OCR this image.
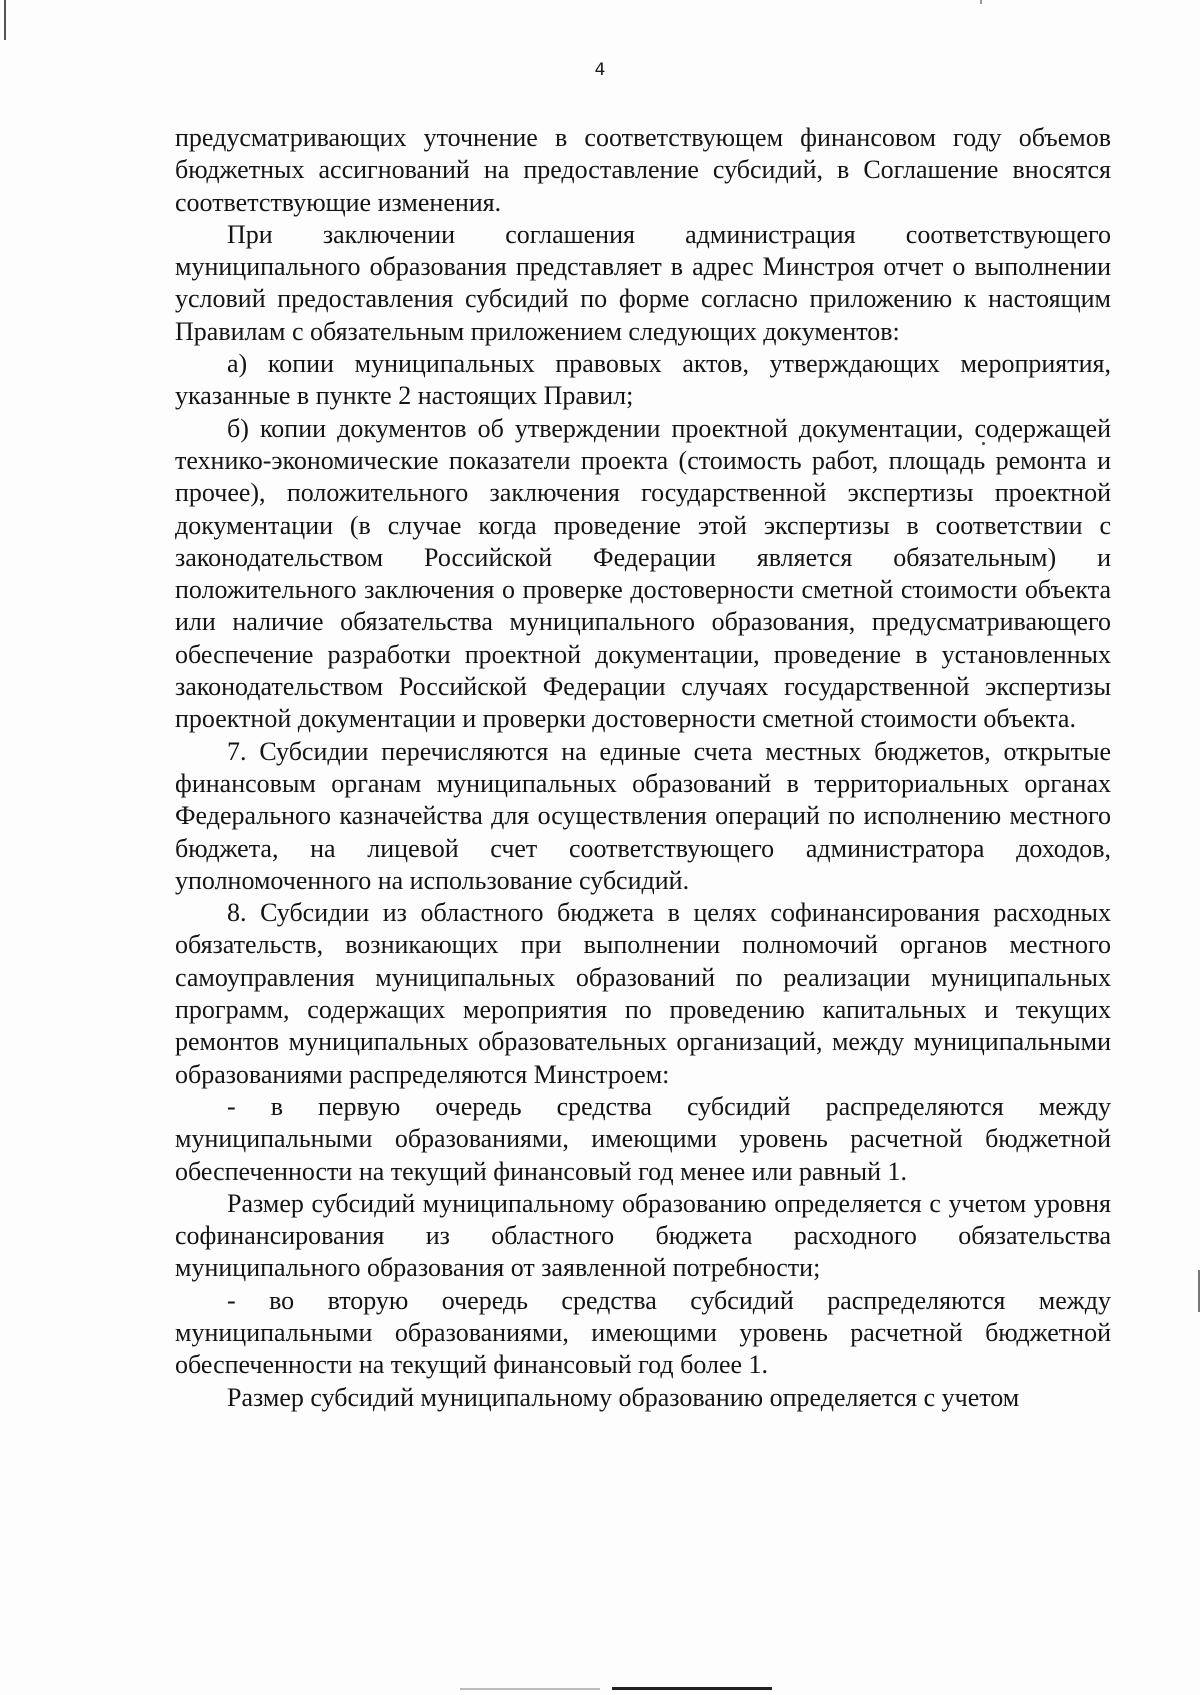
4

предусматривающих уточнение в соответствующем финансовом году объемов бюджетных ассигнований на предоставление субсидий, в Соглашение вносятся соответствующие изменения.

При заключении соглашения администрация соответствующего муниципального образования представляет в адрес Минстроя отчет о выполнении условий предоставления субсидий по форме согласно приложению к настоящим Правилам с обязательным приложением следующих документов:

а) копии муниципальных правовых актов, утверждающих мероприятия, указанные в пункте 2 настоящих Правил;

б) копии документов об утверждении проектной документации, содержащей технико-экономические показатели проекта (стоимость работ, площадь ремонта и прочее), положительного заключения государственной экспертизы проектной документации (в случае когда проведение этой экспертизы в соответствии с законодательством Российской Федерации является обязательным) и положительного заключения о проверке достоверности сметной стоимости объекта или наличие обязательства муниципального образования, предусматривающего обеспечение разработки проектной документации, проведение в установленных законодательством Российской Федерации случаях государственной экспертизы проектной документации и проверки достоверности сметной стоимости объекта.

7. Субсидии перечисляются на единые счета местных бюджетов, открытые финансовым органам муниципальных образований в территориальных органах Федерального казначейства для осуществления операций по исполнению местного бюджета, на лицевой счет соответствующего администратора доходов, уполномоченного на использование субсидий.

8. Субсидии из областного бюджета в целях софинансирования расходных обязательств, возникающих при выполнении полномочий органов местного самоуправления муниципальных образований по реализации муниципальных программ, содержащих мероприятия по проведению капитальных и текущих ремонтов муниципальных образовательных организаций, между муниципальными образованиями распределяются Минстроем:

- в первую очередь средства субсидий распределяются между муниципальными образованиями, имеющими уровень расчетной бюджетной обеспеченности на текущий финансовый год менее или равный 1.

Размер субсидий муниципальному образованию определяется с учетом уровня софинансирования из областного бюджета расходного обязательства муниципального образования от заявленной потребности;

- во вторую очередь средства субсидий распределяются между муниципальными образованиями, имеющими уровень расчетной бюджетной обеспеченности на текущий финансовый год более 1.

Размер субсидий муниципальному образованию определяется с учетом
